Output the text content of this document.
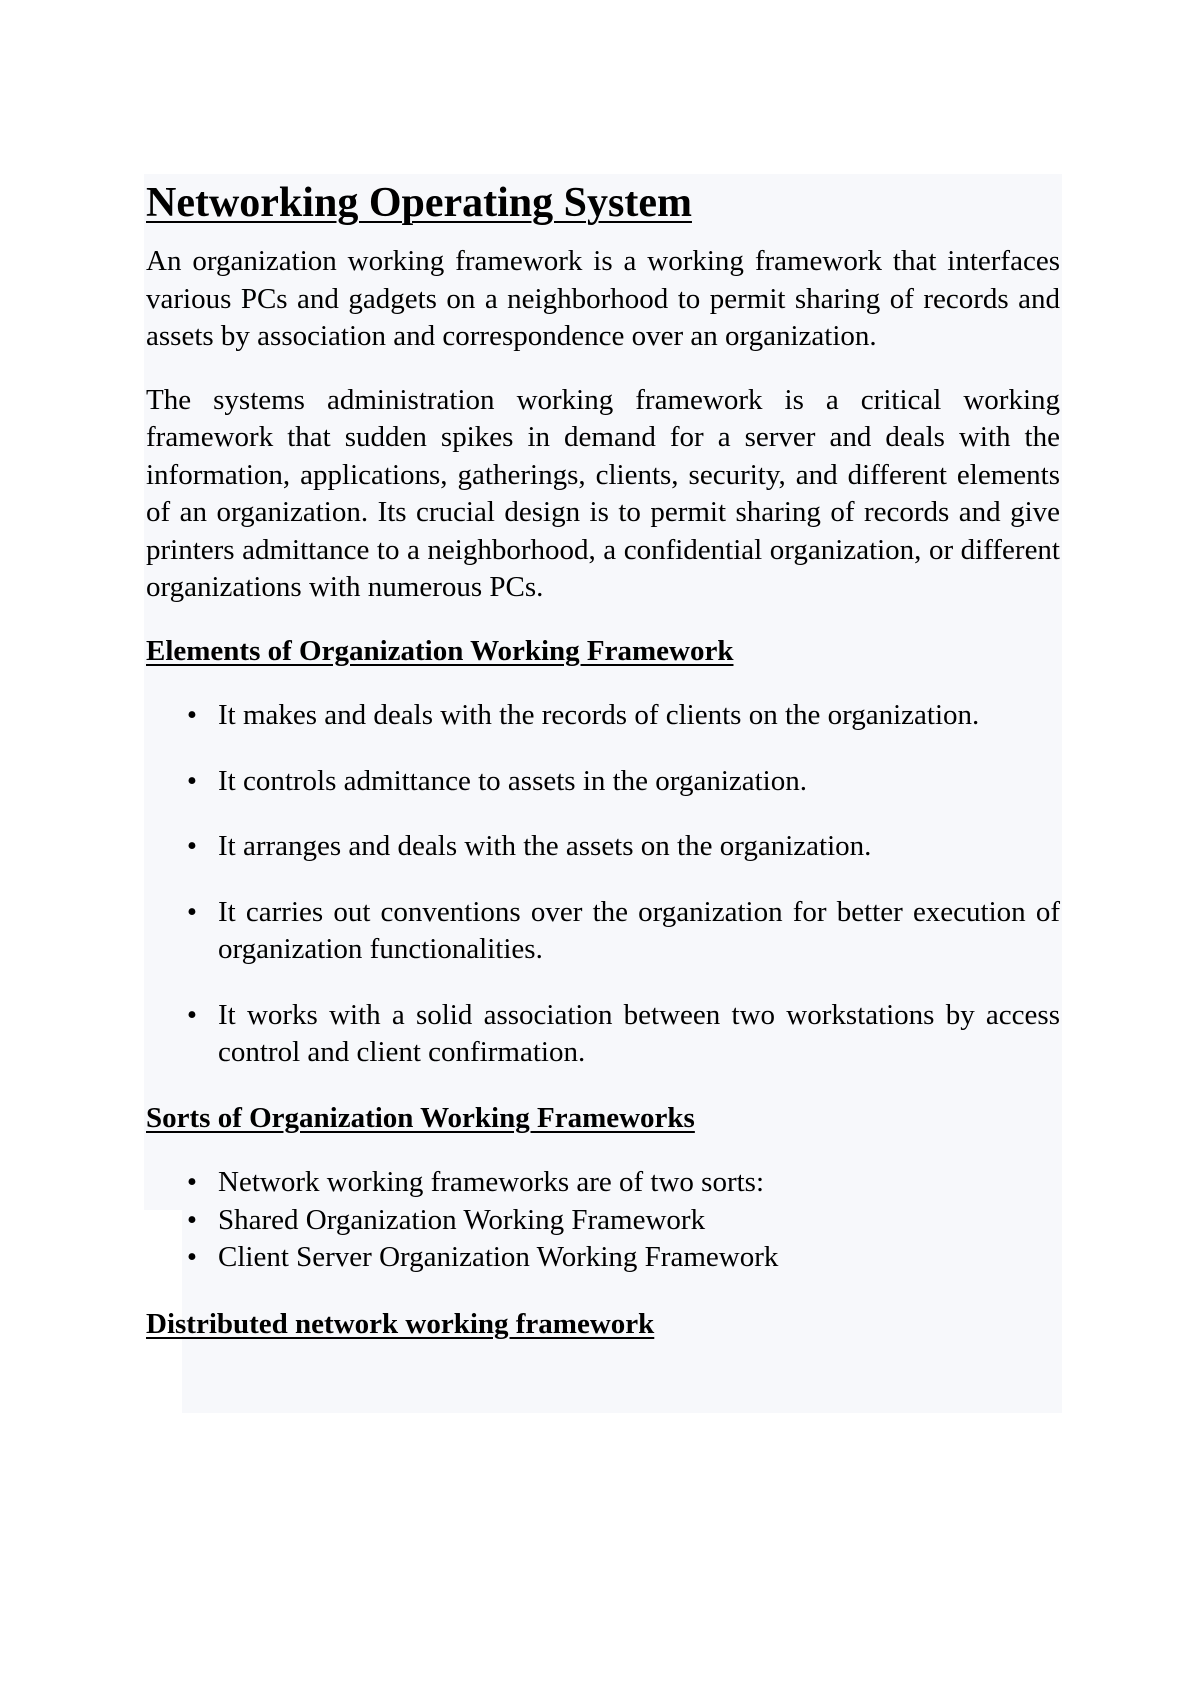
Networking Operating System

An organization working framework is a working framework that interfaces various PCs and gadgets on a neighborhood to permit sharing of records and assets by association and correspondence over an organization.

The systems administration working framework is a critical working framework that sudden spikes in demand for a server and deals with the information, applications, gatherings, clients, security, and different elements of an organization. Its crucial design is to permit sharing of records and give printers admittance to a neighborhood, a confidential organization, or different organizations with numerous PCs.

Elements of Organization Working Framework
• It makes and deals with the records of clients on the organization.
• It controls admittance to assets in the organization.
• It arranges and deals with the assets on the organization.
• It carries out conventions over the organization for better execution of organization functionalities.
• It works with a solid association between two workstations by access control and client confirmation.
Sorts of Organization Working Frameworks
• Network working frameworks are of two sorts:
• Shared Organization Working Framework
• Client Server Organization Working Framework
Distributed network working framework
